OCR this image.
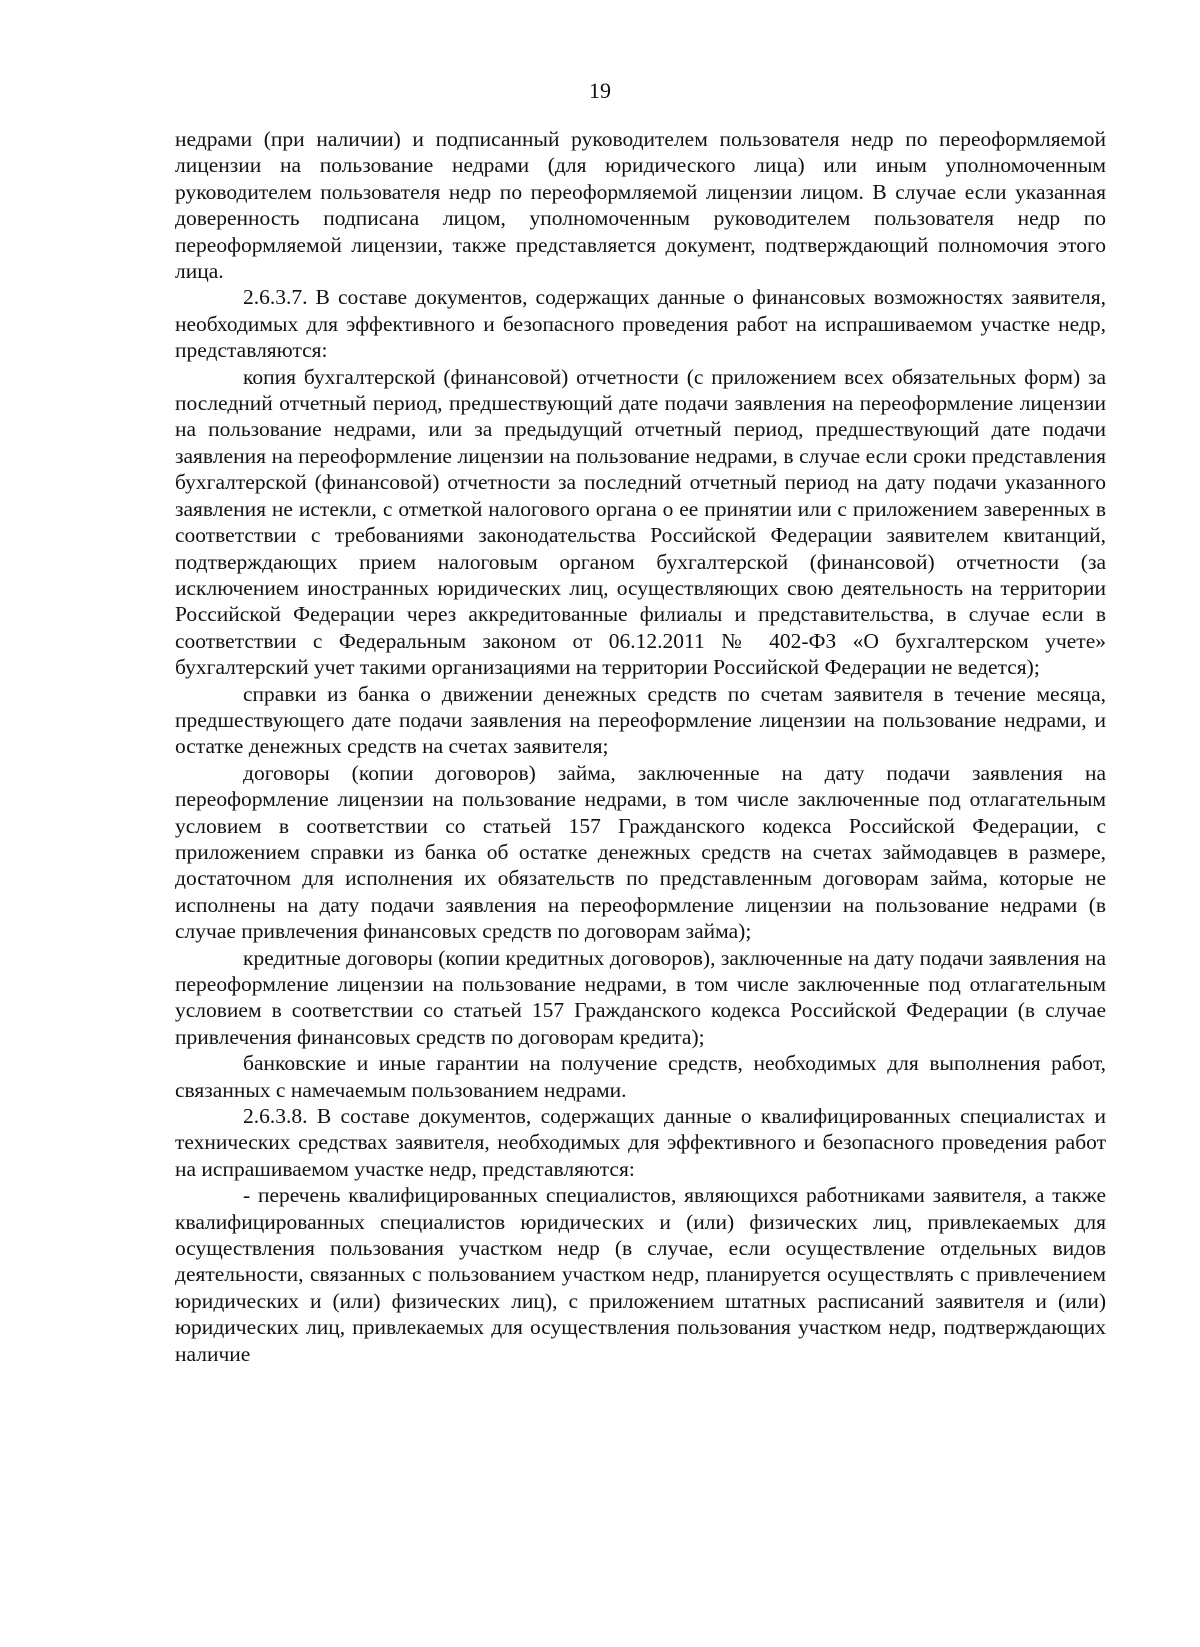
19

недрами (при наличии) и подписанный руководителем пользователя недр по переоформляемой лицензии на пользование недрами (для юридического лица) или иным уполномоченным руководителем пользователя недр по переоформляемой лицензии лицом. В случае если указанная доверенность подписана лицом, уполномоченным руководителем пользователя недр по переоформляемой лицензии, также представляется документ, подтверждающий полномочия этого лица.

2.6.3.7. В составе документов, содержащих данные о финансовых возможностях заявителя, необходимых для эффективного и безопасного проведения работ на испрашиваемом участке недр, представляются:

копия бухгалтерской (финансовой) отчетности (с приложением всех обязательных форм) за последний отчетный период, предшествующий дате подачи заявления на переоформление лицензии на пользование недрами, или за предыдущий отчетный период, предшествующий дате подачи заявления на переоформление лицензии на пользование недрами, в случае если сроки представления бухгалтерской (финансовой) отчетности за последний отчетный период на дату подачи указанного заявления не истекли, с отметкой налогового органа о ее принятии или с приложением заверенных в соответствии с требованиями законодательства Российской Федерации заявителем квитанций, подтверждающих прием налоговым органом бухгалтерской (финансовой) отчетности (за исключением иностранных юридических лиц, осуществляющих свою деятельность на территории Российской Федерации через аккредитованные филиалы и представительства, в случае если в соответствии с Федеральным законом от 06.12.2011 № 402-ФЗ «О бухгалтерском учете» бухгалтерский учет такими организациями на территории Российской Федерации не ведется);

справки из банка о движении денежных средств по счетам заявителя в течение месяца, предшествующего дате подачи заявления на переоформление лицензии на пользование недрами, и остатке денежных средств на счетах заявителя;

договоры (копии договоров) займа, заключенные на дату подачи заявления на переоформление лицензии на пользование недрами, в том числе заключенные под отлагательным условием в соответствии со статьей 157 Гражданского кодекса Российской Федерации, с приложением справки из банка об остатке денежных средств на счетах займодавцев в размере, достаточном для исполнения их обязательств по представленным договорам займа, которые не исполнены на дату подачи заявления на переоформление лицензии на пользование недрами (в случае привлечения финансовых средств по договорам займа);

кредитные договоры (копии кредитных договоров), заключенные на дату подачи заявления на переоформление лицензии на пользование недрами, в том числе заключенные под отлагательным условием в соответствии со статьей 157 Гражданского кодекса Российской Федерации (в случае привлечения финансовых средств по договорам кредита);

банковские и иные гарантии на получение средств, необходимых для выполнения работ, связанных с намечаемым пользованием недрами.

2.6.3.8. В составе документов, содержащих данные о квалифицированных специалистах и технических средствах заявителя, необходимых для эффективного и безопасного проведения работ на испрашиваемом участке недр, представляются:

- перечень квалифицированных специалистов, являющихся работниками заявителя, а также квалифицированных специалистов юридических и (или) физических лиц, привлекаемых для осуществления пользования участком недр (в случае, если осуществление отдельных видов деятельности, связанных с пользованием участком недр, планируется осуществлять с привлечением юридических и (или) физических лиц), с приложением штатных расписаний заявителя и (или) юридических лиц, привлекаемых для осуществления пользования участком недр, подтверждающих наличие
